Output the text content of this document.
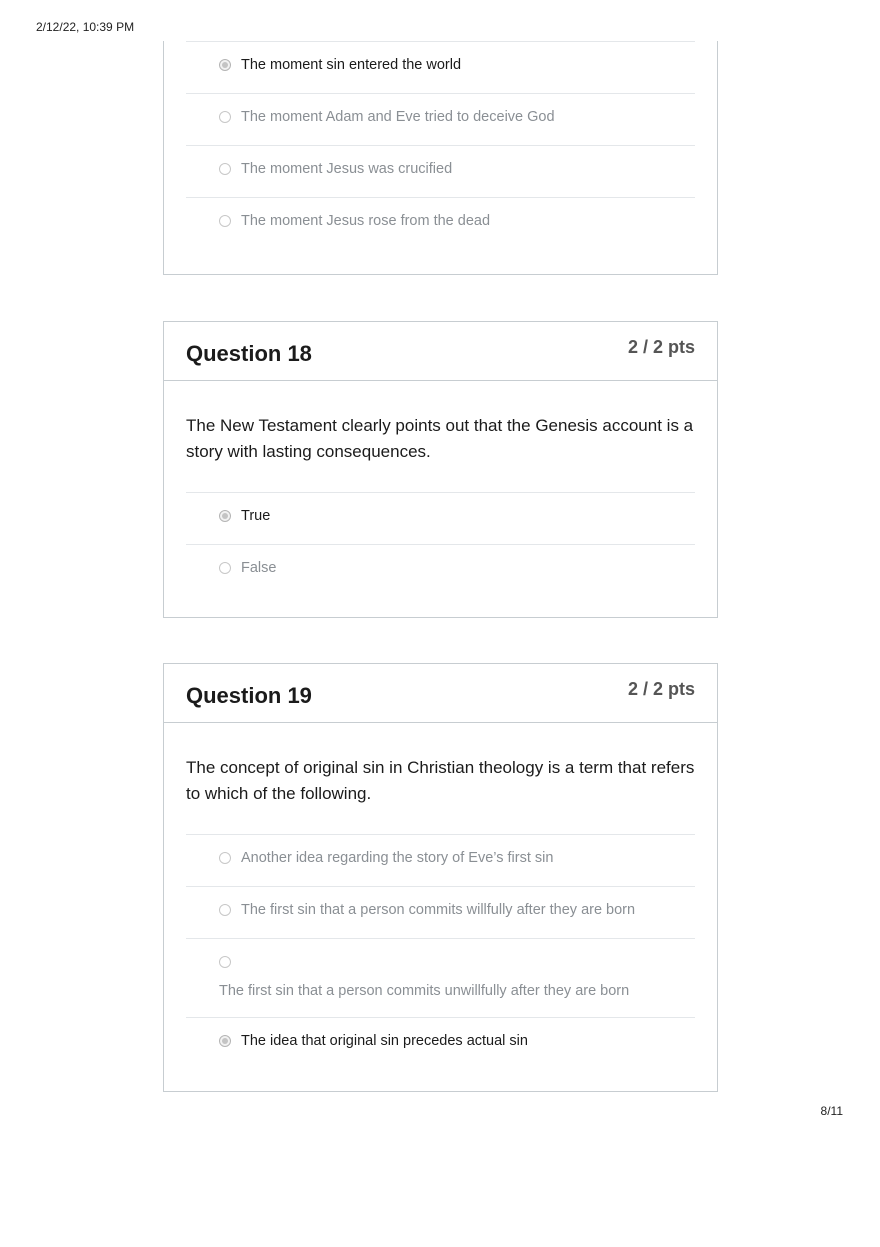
2/12/22, 10:39 PM
The moment sin entered the world
The moment Adam and Eve tried to deceive God
The moment Jesus was crucified
The moment Jesus rose from the dead
Question 18	2 / 2 pts

The New Testament clearly points out that the Genesis account is a story with lasting consequences.

True
False
Question 19	2 / 2 pts

The concept of original sin in Christian theology is a term that refers to which of the following.

Another idea regarding the story of Eve’s first sin
The first sin that a person commits willfully after they are born
The first sin that a person commits unwillfully after they are born
The idea that original sin precedes actual sin
8/11
